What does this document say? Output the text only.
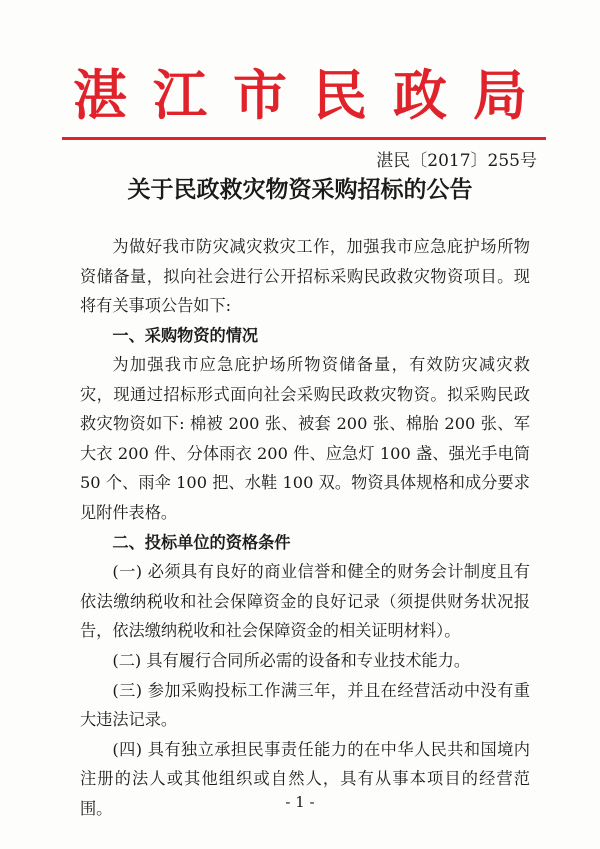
湛江市民政局
湛民〔2017〕255号
关于民政救灾物资采购招标的公告

为做好我市防灾减灾救灾工作，加强我市应急庇护场所物资储备量，拟向社会进行公开招标采购民政救灾物资项目。现将有关事项公告如下:

一、采购物资的情况

为加强我市应急庇护场所物资储备量，有效防灾减灾救灾，现通过招标形式面向社会采购民政救灾物资。拟采购民政救灾物资如下: 棉被 200 张、被套 200 张、棉胎 200 张、军大衣 200 件、分体雨衣 200 件、应急灯 100 盏、强光手电筒 50 个、雨伞 100 把、水鞋 100 双。物资具体规格和成分要求见附件表格。

二、投标单位的资格条件

(一) 必须具有良好的商业信誉和健全的财务会计制度且有依法缴纳税收和社会保障资金的良好记录（须提供财务状况报告，依法缴纳税收和社会保障资金的相关证明材料）。

(二) 具有履行合同所必需的设备和专业技术能力。

(三) 参加采购投标工作满三年，并且在经营活动中没有重大违法记录。

(四) 具有独立承担民事责任能力的在中华人民共和国境内注册的法人或其他组织或自然人，具有从事本项目的经营范围。	- 1 -
